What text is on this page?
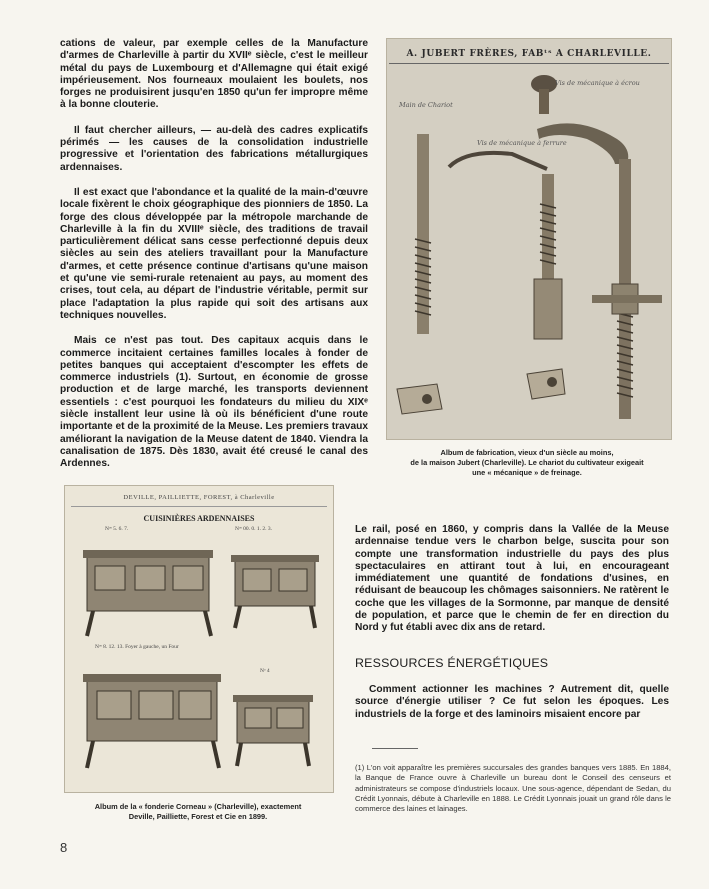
cations de valeur, par exemple celles de la Manufacture d'armes de Charleville à partir du XVIIᵉ siècle, c'est le meilleur métal du pays de Luxembourg et d'Allemagne qui était exigé impérieusement. Nos fourneaux moulaient les boulets, nos forges ne produisirent jusqu'en 1850 qu'un fer impropre même à la bonne clouterie.

Il faut chercher ailleurs, — au-delà des cadres explicatifs périmés — les causes de la consolidation industrielle progressive et l'orientation des fabrications métallurgiques ardennaises.

Il est exact que l'abondance et la qualité de la main-d'œuvre locale fixèrent le choix géographique des pionniers de 1850. La forge des clous développée par la métropole marchande de Charleville à la fin du XVIIIᵉ siècle, des traditions de travail particulièrement délicat sans cesse perfectionné depuis deux siècles au sein des ateliers travaillant pour la Manufacture d'armes, et cette présence continue d'artisans qu'une maison et qu'une vie semi-rurale retenaient au pays, au moment des crises, tout cela, au départ de l'industrie véritable, permit sur place l'adaptation la plus rapide qui soit des artisans aux techniques nouvelles.

Mais ce n'est pas tout. Des capitaux acquis dans le commerce incitaient certaines familles locales à fonder de petites banques qui acceptaient d'escompter les effets de commerce industriels (1). Surtout, en économie de grosse production et de large marché, les transports deviennent essentiels : c'est pourquoi les fondateurs du milieu du XIXᵉ siècle installent leur usine là où ils bénéficient d'une route importante et de la proximité de la Meuse. Les premiers travaux améliorant la navigation de la Meuse datent de 1840. Viendra la canalisation de 1875. Dès 1830, avait été creusé le canal des Ardennes.

A. JUBERT FRÈRES, FABᵗˢ A CHARLEVILLE.
Vis de mécanique à écrou
Main de Chariot
Vis de mécanique à ferrure
Album de fabrication, vieux d'un siècle au moins,
de la maison Jubert (Charleville). Le chariot du cultivateur exigeait
une « mécanique » de freinage.
DEVILLE, PAILLIETTE, FOREST, à Charleville
CUISINIÈRES ARDENNAISES
Nᵒˢ 5. 6. 7.	Nᵒˢ 00. 0. 1. 2. 3.
Nᵒˢ 8. 12. 13. Foyer à gauche, un Four
Nᵒ 4
Album de la « fonderie Corneau » (Charleville), exactement
Deville, Pailliette, Forest et Cie en 1899.

Le rail, posé en 1860, y compris dans la Vallée de la Meuse ardennaise tendue vers le charbon belge, suscita pour son compte une transformation industrielle du pays des plus spectaculaires en attirant tout à lui, en encourageant immédiatement une quantité de fondations d'usines, en réduisant de beaucoup les chômages saisonniers. Ne ratèrent le coche que les villages de la Sormonne, par manque de densité de population, et parce que le chemin de fer en direction du Nord y fut établi avec dix ans de retard.

RESSOURCES ÉNERGÉTIQUES

Comment actionner les machines ? Autrement dit, quelle source d'énergie utiliser ? Ce fut selon les époques. Les industriels de la forge et des laminoirs misaient encore par

(1) L'on voit apparaître les premières succursales des grandes banques vers 1885. En 1884, la Banque de France ouvre à Charleville un bureau dont le Conseil des censeurs et administrateurs se compose d'industriels locaux. Une sous-agence, dépendant de Sedan, du Crédit Lyonnais, débute à Charleville en 1888. Le Crédit Lyonnais jouait un grand rôle dans le commerce des laines et lainages.
8
